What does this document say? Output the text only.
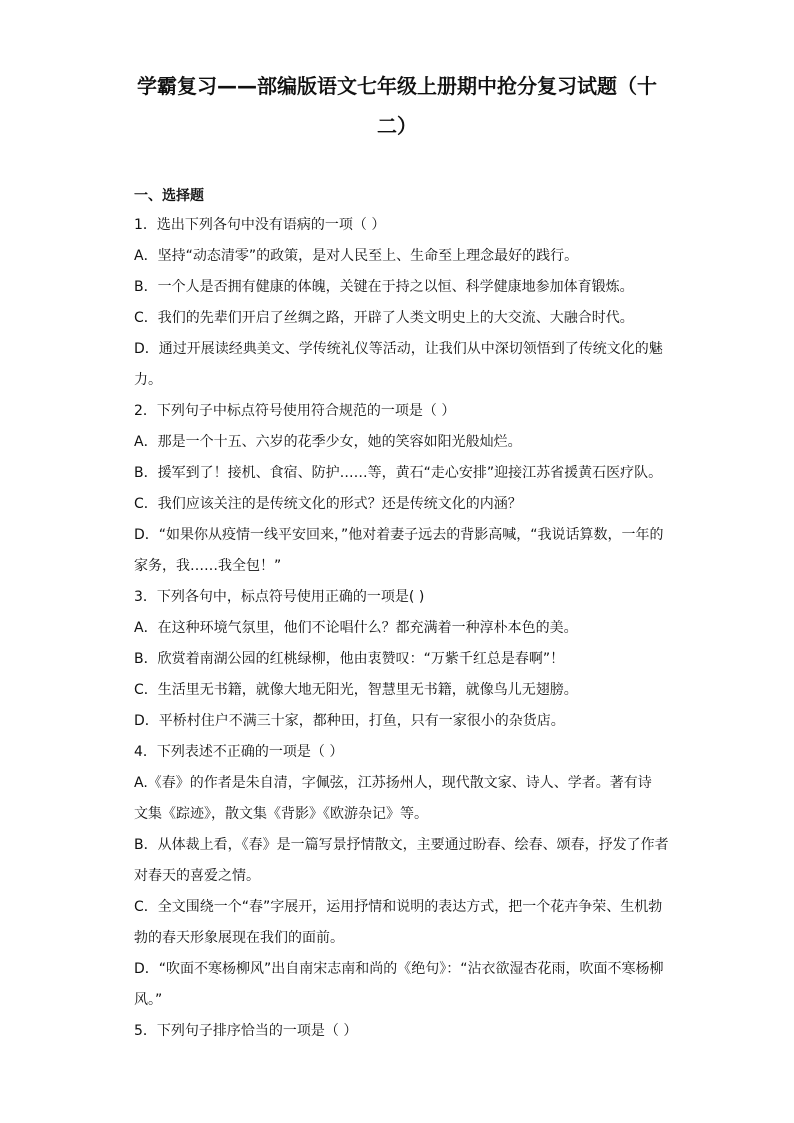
学霸复习——部编版语文七年级上册期中抢分复习试题（十
二）
一、选择题
1．选出下列各句中没有语病的一项（ ）
A．坚持“动态清零”的政策，是对人民至上、生命至上理念最好的践行。
B．一个人是否拥有健康的体魄，关键在于持之以恒、科学健康地参加体育锻炼。
C．我们的先辈们开启了丝绸之路，开辟了人类文明史上的大交流、大融合时代。
D．通过开展读经典美文、学传统礼仪等活动，让我们从中深切领悟到了传统文化的魅
力。
2．下列句子中标点符号使用符合规范的一项是（ ）
A．那是一个十五、六岁的花季少女，她的笑容如阳光般灿烂。
B．援军到了！接机、食宿、防护……等，黄石“走心安排”迎接江苏省援黄石医疗队。
C．我们应该关注的是传统文化的形式？还是传统文化的内涵？
D．“如果你从疫情一线平安回来，”他对着妻子远去的背影高喊，“我说话算数，一年的
家务，我……我全包！”
3．下列各句中，标点符号使用正确的一项是( )
A．在这种环境气氛里，他们不论唱什么？都充满着一种淳朴本色的美。
B．欣赏着南湖公园的红桃绿柳，他由衷赞叹：“万紫千红总是春啊”！
C．生活里无书籍，就像大地无阳光，智慧里无书籍，就像鸟儿无翅膀。
D．平桥村住户不满三十家，都种田，打鱼，只有一家很小的杂货店。
4．下列表述不正确的一项是（ ）
A.《春》的作者是朱自清，字佩弦，江苏扬州人，现代散文家、诗人、学者。著有诗
文集《踪迹》，散文集《背影》《欧游杂记》等。
B．从体裁上看，《春》是一篇写景抒情散文，主要通过盼春、绘春、颂春，抒发了作者
对春天的喜爱之情。
C．全文围绕一个“春”字展开，运用抒情和说明的表达方式，把一个花卉争荣、生机勃
勃的春天形象展现在我们的面前。
D．“吹面不寒杨柳风”出自南宋志南和尚的《绝句》：“沾衣欲湿杏花雨，吹面不寒杨柳
风。”
5．下列句子排序恰当的一项是（ ）
